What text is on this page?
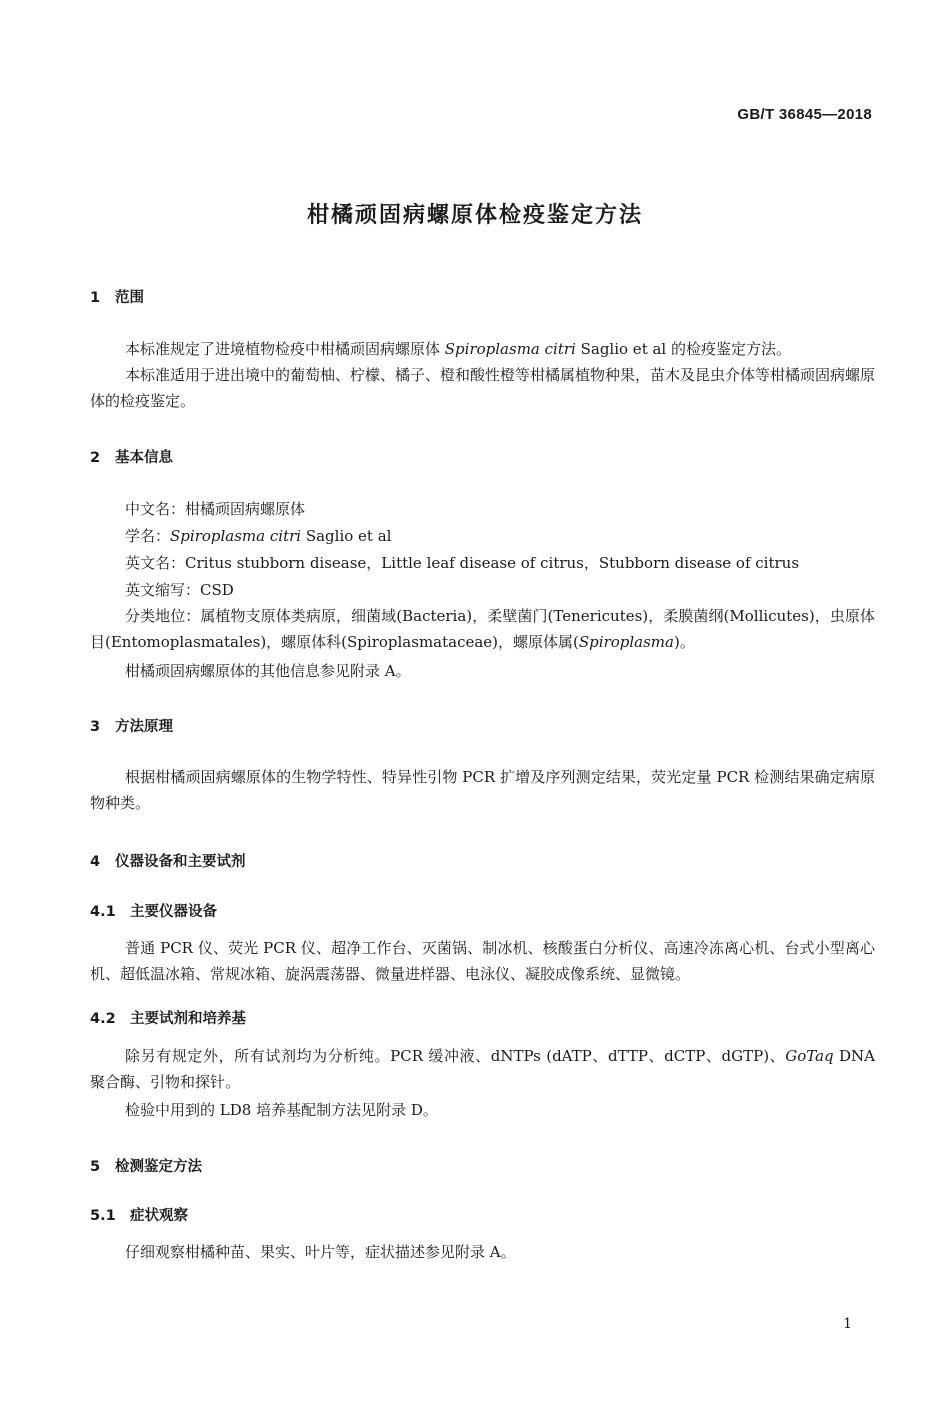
GB/T 36845—2018
柑橘顽固病螺原体检疫鉴定方法
1 范围
本标准规定了进境植物检疫中柑橘顽固病螺原体 Spiroplasma citri Saglio et al 的检疫鉴定方法。
本标准适用于进出境中的葡萄柚、柠檬、橘子、橙和酸性橙等柑橘属植物种果，苗木及昆虫介体等柑橘顽固病螺原体的检疫鉴定。
2 基本信息
中文名：柑橘顽固病螺原体
学名：Spiroplasma citri Saglio et al
英文名：Critus stubborn disease，Little leaf disease of citrus，Stubborn disease of citrus
英文缩写：CSD
分类地位：属植物支原体类病原，细菌域(Bacteria)，柔壁菌门(Tenericutes)，柔膜菌纲(Mollicutes)，虫原体目(Entomoplasmatales)，螺原体科(Spiroplasmataceae)，螺原体属(Spiroplasma)。
柑橘顽固病螺原体的其他信息参见附录 A。
3 方法原理
根据柑橘顽固病螺原体的生物学特性、特异性引物 PCR 扩增及序列测定结果，荧光定量 PCR 检测结果确定病原物种类。
4 仪器设备和主要试剂
4.1 主要仪器设备
普通 PCR 仪、荧光 PCR 仪、超净工作台、灭菌锅、制冰机、核酸蛋白分析仪、高速冷冻离心机、台式小型离心机、超低温冰箱、常规冰箱、旋涡震荡器、微量进样器、电泳仪、凝胶成像系统、显微镜。
4.2 主要试剂和培养基
除另有规定外，所有试剂均为分析纯。PCR 缓冲液、dNTPs (dATP、dTTP、dCTP、dGTP)、GoTaq DNA 聚合酶、引物和探针。
检验中用到的 LD8 培养基配制方法见附录 D。
5 检测鉴定方法
5.1 症状观察
仔细观察柑橘种苗、果实、叶片等，症状描述参见附录 A。
1
